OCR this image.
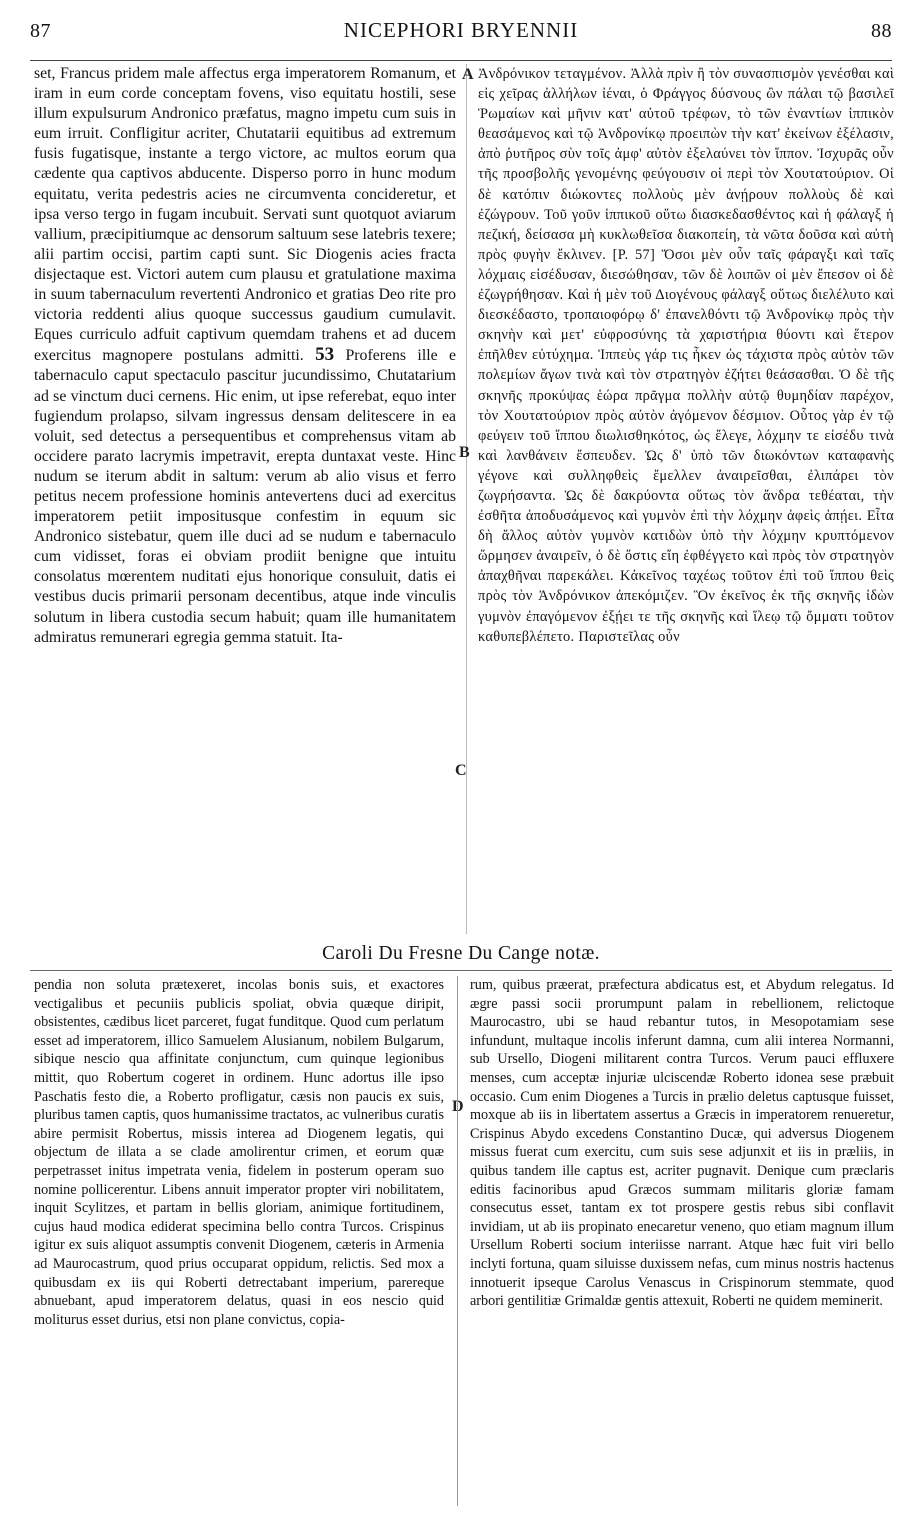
87	NICEPHORI BRYENNII	88
set, Francus pridem male affectus erga imperatorem Romanum, et iram in eum corde conceptam fovens, viso equitatu hostili, sese illum expulsurum Andronico præfatus, magno impetu cum suis in eum irruit. Confligitur acriter, Chutatarii equitibus ad extremum fusis fugatisque, instante a tergo victore, ac multos eorum qua cædente qua captivos abducente. Disperso porro in hunc modum equitatu, verita pedestris acies ne circumventa concideretur, et ipsa verso tergo in fugam incubuit. Servati sunt quotquot aviarum vallium, præcipitiumque ac densorum saltuum sese latebris texere; alii partim occisi, partim capti sunt. Sic Diogenis acies fracta disjectaque est. Victori autem cum plausu et gratulatione maxima in suum tabernaculum revertenti Andronico et gratias Deo rite pro victoria reddenti alius quoque successus gaudium cumulavit. Eques curriculo adfuit captivum quemdam trahens et ad ducem exercitus magnopere postulans admitti. 53 Proferens ille e tabernaculo caput spectaculo pascitur jucundissimo, Chutatarium ad se vinctum duci cernens. Hic enim, ut ipse referebat, equo inter fugiendum prolapso, silvam ingressus densam delitescere in ea voluit, sed detectus a persequentibus et comprehensus vitam ab occidere parato lacrymis impetravit, erepta duntaxat veste. Hinc nudum se iterum abdit in saltum: verum ab alio visus et ferro petitus necem professione hominis antevertens duci ad exercitus imperatorem petiit impositusque confestim in equum sic Andronico sistebatur, quem ille duci ad se nudum e tabernaculo cum vidisset, foras ei obviam prodiit benigne que intuitu consolatus mœrentem nuditati ejus honorique consuluit, datis ei vestibus ducis primarii personam decentibus, atque inde vinculis solutum in libera custodia secum habuit; quam ille humanitatem admiratus remunerari egregia gemma statuit. Ita-
A
B
C
D
Ἀνδρόνικον τεταγμένον. Ἀλλὰ πρὶν ἢ τὸν συνασπισμὸν γενέσθαι καὶ εἰς χεῖρας ἀλλήλων ἰέναι, ὁ Φράγγος δύσνους ὢν πάλαι τῷ βασιλεῖ Ῥωμαίων καὶ μῆνιν κατ' αὐτοῦ τρέφων, τὸ τῶν ἐναντίων ἱππικὸν θεασάμενος καὶ τῷ Ἀνδρονίκῳ προειπὼν τὴν κατ' ἐκείνων ἐξέλασιν, ἀπὸ ῥυτῆρος σὺν τοῖς ἀμφ' αὐτὸν ἐξελαύνει τὸν ἵππον. Ἰσχυρᾶς οὖν τῆς προσβολῆς γενομένης φεύγουσιν οἱ περὶ τὸν Χουτατούριον. Οἱ δὲ κατόπιν διώκοντες πολλοὺς μὲν ἀνῄρουν πολλοὺς δὲ καὶ ἐζώγρουν. Τοῦ γοῦν ἱππικοῦ οὕτω διασκεδασθέντος καὶ ἡ φάλαγξ ἡ πεζική, δείσασα μὴ κυκλωθεῖσα διακοπείη, τὰ νῶτα δοῦσα καὶ αὐτὴ πρὸς φυγὴν ἔκλινεν. [P. 57] Ὅσοι μὲν οὖν ταῖς φάραγξι καὶ ταῖς λόχμαις εἰσέδυσαν, διεσώθησαν, τῶν δὲ λοιπῶν οἱ μὲν ἔπεσον οἱ δὲ ἐζωγρήθησαν. Καὶ ἡ μὲν τοῦ Διογένους φάλαγξ οὕτως διελέλυτο καὶ διεσκέδαστο, τροπαιοφόρῳ δ' ἐπανελθόντι τῷ Ἀνδρονίκῳ πρὸς τὴν σκηνὴν καὶ μετ' εὐφροσύνης τὰ χαριστήρια θύοντι καὶ ἕτερον ἐπῆλθεν εὐτύχημα. Ἱππεὺς γάρ τις ἧκεν ὡς τάχιστα πρὸς αὐτὸν τῶν πολεμίων ἄγων τινὰ καὶ τὸν στρατηγὸν ἐζήτει θεάσασθαι. Ὁ δὲ τῆς σκηνῆς προκύψας ἑώρα πρᾶγμα πολλὴν αὐτῷ θυμηδίαν παρέχον, τὸν Χουτατούριον πρὸς αὐτὸν ἀγόμενον δέσμιον. Οὗτος γὰρ ἐν τῷ φεύγειν τοῦ ἵππου διωλισθηκότος, ὡς ἔλεγε, λόχμην τε εἰσέδυ τινὰ καὶ λανθάνειν ἔσπευδεν. Ὡς δ' ὑπὸ τῶν διωκόντων καταφανὴς γέγονε καὶ συλληφθεὶς ἔμελλεν ἀναιρεῖσθαι, ἐλιπάρει τὸν ζωγρήσαντα. Ὡς δὲ δακρύοντα οὕτως τὸν ἄνδρα τεθέαται, τὴν ἐσθῆτα ἀποδυσάμενος καὶ γυμνὸν ἐπὶ τὴν λόχμην ἀφεὶς ἀπῄει. Εἶτα δὴ ἄλλος αὐτὸν γυμνὸν κατιδὼν ὑπὸ τὴν λόχμην κρυπτόμενον ὥρμησεν ἀναιρεῖν, ὁ δὲ ὅστις εἴη ἐφθέγγετο καὶ πρὸς τὸν στρατηγὸν ἀπαχθῆναι παρεκάλει. Κἀκεῖνος ταχέως τοῦτον ἐπὶ τοῦ ἵππου θεὶς πρὸς τὸν Ἀνδρόνικον ἀπεκόμιζεν. Ὃν ἐκεῖνος ἐκ τῆς σκηνῆς ἰδὼν γυμνὸν ἐπαγόμενον ἐξῄει τε τῆς σκηνῆς καὶ ἵλεῳ τῷ ὄμματι τοῦτον καθυπεβλέπετο. Παριστεῖλας οὖν
Caroli Du Fresne Du Cange notæ.
pendia non soluta prætexeret, incolas bonis suis, et exactores vectigalibus et pecuniis publicis spoliat, obvia quæque diripit, obsistentes, cædibus licet parceret, fugat funditque. Quod cum perlatum esset ad imperatorem, illico Samuelem Alusianum, nobilem Bulgarum, sibique nescio qua affinitate conjunctum, cum quinque legionibus mittit, quo Robertum cogeret in ordinem. Hunc adortus ille ipso Paschatis festo die, a Roberto profligatur, cæsis non paucis ex suis, pluribus tamen captis, quos humanissime tractatos, ac vulneribus curatis abire permisit Robertus, missis interea ad Diogenem legatis, qui objectum de illata a se clade amolirentur crimen, et eorum quæ perpetrasset initus impetrata venia, fidelem in posterum operam suo nomine pollicerentur. Libens annuit imperator propter viri nobilitatem, inquit Scylitzes, et partam in bellis gloriam, animique fortitudinem, cujus haud modica ediderat specimina bello contra Turcos. Crispinus igitur ex suis aliquot assumptis convenit Diogenem, cæteris in Armenia ad Maurocastrum, quod prius occuparat oppidum, relictis. Sed mox a quibusdam ex iis qui Roberti detrectabant imperium, parereque abnuebant, apud imperatorem delatus, quasi in eos nescio quid moliturus esset durius, etsi non plane convictus, copia-
rum, quibus præerat, præfectura abdicatus est, et Abydum relegatus. Id ægre passi socii prorumpunt palam in rebellionem, relictoque Maurocastro, ubi se haud rebantur tutos, in Mesopotamiam sese infundunt, multaque incolis inferunt damna, cum alii interea Normanni, sub Ursello, Diogeni militarent contra Turcos. Verum pauci effluxere menses, cum acceptæ injuriæ ulciscendæ Roberto idonea sese præbuit occasio. Cum enim Diogenes a Turcis in prælio deletus captusque fuisset, moxque ab iis in libertatem assertus a Græcis in imperatorem renueretur, Crispinus Abydo excedens Constantino Ducæ, qui adversus Diogenem missus fuerat cum exercitu, cum suis sese adjunxit et iis in præliis, in quibus tandem ille captus est, acriter pugnavit. Denique cum præclaris editis facinoribus apud Græcos summam militaris gloriæ famam consecutus esset, tantam ex tot prospere gestis rebus sibi conflavit invidiam, ut ab iis propinato enecaretur veneno, quo etiam magnum illum Ursellum Roberti socium interiisse narrant. Atque hæc fuit viri bello inclyti fortuna, quam siluisse duxissem nefas, cum minus nostris hactenus innotuerit ipseque Carolus Venascus in Crispinorum stemmate, quod arbori gentilitiæ Grimaldæ gentis attexuit, Roberti ne quidem meminerit.
